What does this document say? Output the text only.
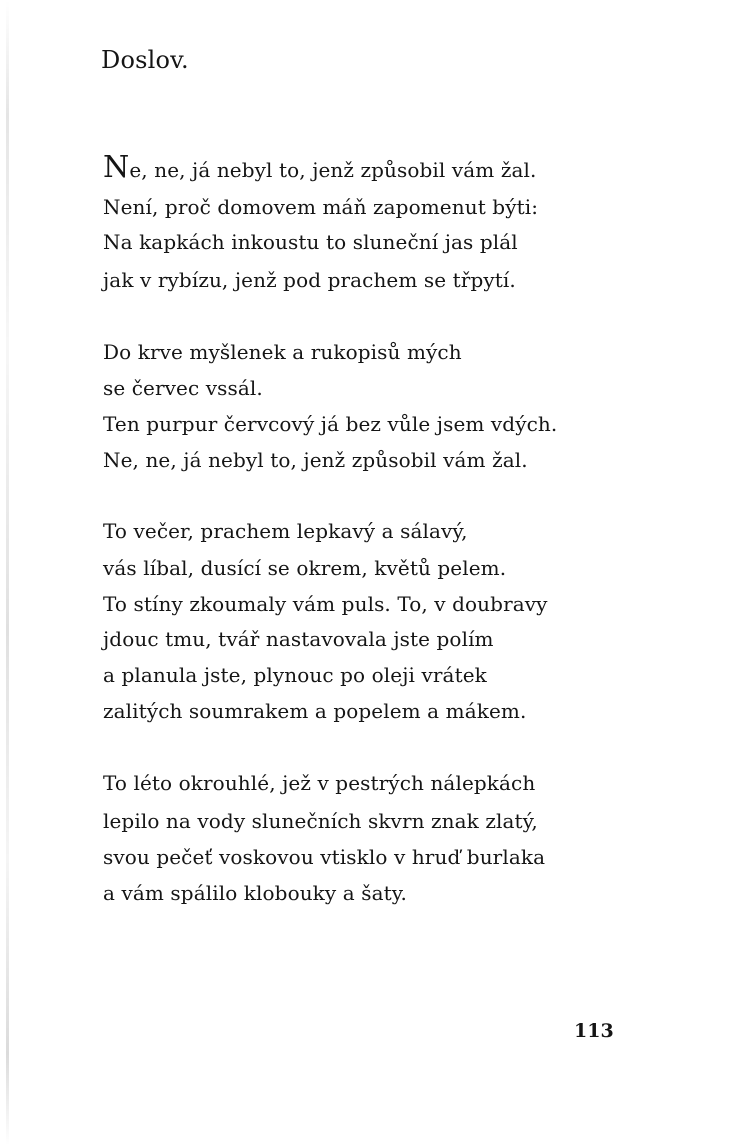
Doslov.
Ne, ne, já nebyl to, jenž způsobil vám žal.
Není, proč domovem máň zapomenut býti:
Na kapkách inkoustu to sluneční jas plál
jak v rybízu, jenž pod prachem se třpytí.
Do krve myšlenek a rukopisů mých
se červec vssál.
Ten purpur červcový já bez vůle jsem vdých.
Ne, ne, já nebyl to, jenž způsobil vám žal.
To večer, prachem lepkavý a sálavý,
vás líbal, dusící se okrem, květů pelem.
To stíny zkoumaly vám puls. To, v doubravy
jdouc tmu, tvář nastavovala jste polím
a planula jste, plynouc po oleji vrátek
zalitých soumrakem a popelem a mákem.
To léto okrouhlé, jež v pestrých nálepkách
lepilo na vody slunečních skvrn znak zlatý,
svou pečeť voskovou vtisklo v hruď burlaka
a vám spálilo klobouky a šaty.
113
